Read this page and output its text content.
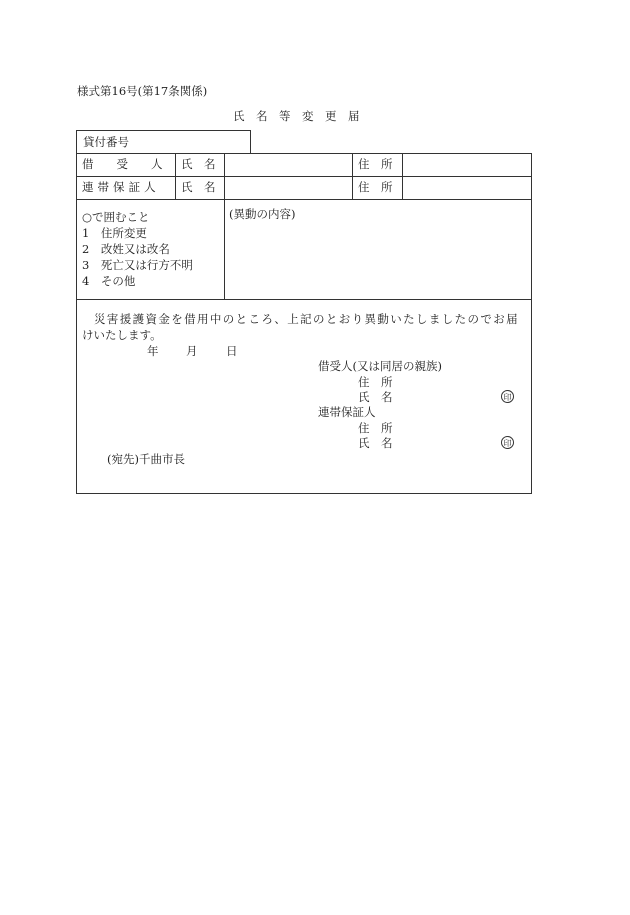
様式第16号(第17条関係)
氏　名　等　変　更　届
貸付番号
借　　受　　人 氏　名	住　所
連帯保証人 氏　名	住　所
○で囲むこと
1　住所変更
2　改姓又は改名
3　死亡又は行方不明
4　その他
(異動の内容)
災害援護資金を借用中のところ、上記のとおり異動いたしましたのでお届
けいたします。
年 月 日
借受人(又は同居の親族)
住　所
氏　名	印
連帯保証人
住　所
氏　名	印
(宛先)千曲市長
